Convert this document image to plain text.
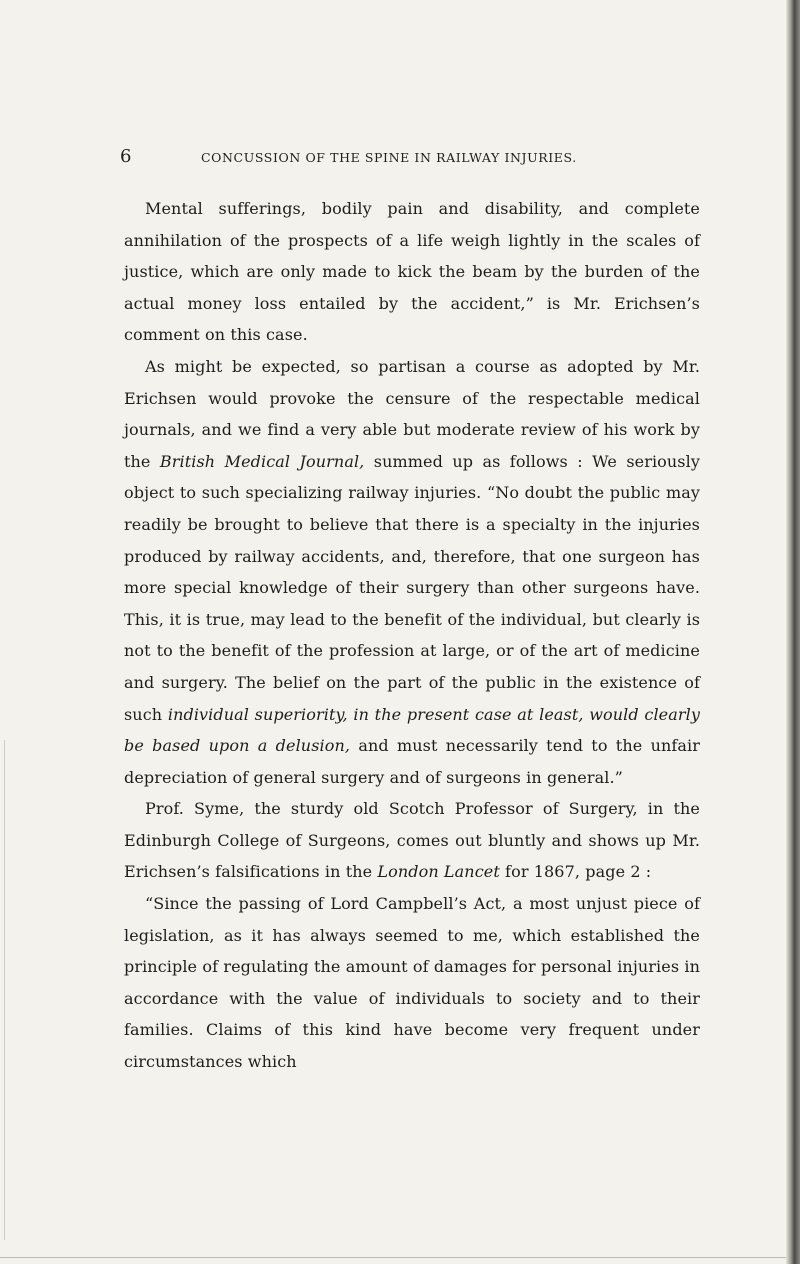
6	CONCUSSION OF THE SPINE IN RAILWAY INJURIES.

Mental sufferings, bodily pain and disability, and complete annihilation of the prospects of a life weigh lightly in the scales of justice, which are only made to kick the beam by the burden of the actual money loss entailed by the accident,” is Mr. Erichsen’s comment on this case.

As might be expected, so partisan a course as adopted by Mr. Erichsen would provoke the censure of the respectable medical journals, and we find a very able but moderate review of his work by the British Medical Journal, summed up as follows : We seriously object to such specializing railway injuries. “No doubt the public may readily be brought to believe that there is a specialty in the injuries produced by railway accidents, and, therefore, that one surgeon has more special knowledge of their surgery than other surgeons have. This, it is true, may lead to the benefit of the individual, but clearly is not to the benefit of the profession at large, or of the art of medicine and surgery. The belief on the part of the public in the existence of such individual superiority, in the present case at least, would clearly be based upon a delusion, and must necessarily tend to the unfair depreciation of general surgery and of surgeons in general.”

Prof. Syme, the sturdy old Scotch Professor of Surgery, in the Edinburgh College of Surgeons, comes out bluntly and shows up Mr. Erichsen’s falsifications in the London Lancet for 1867, page 2 :

“Since the passing of Lord Campbell’s Act, a most unjust piece of legislation, as it has always seemed to me, which established the principle of regulating the amount of damages for personal injuries in accordance with the value of individuals to society and to their families. Claims of this kind have become very frequent under circumstances which
